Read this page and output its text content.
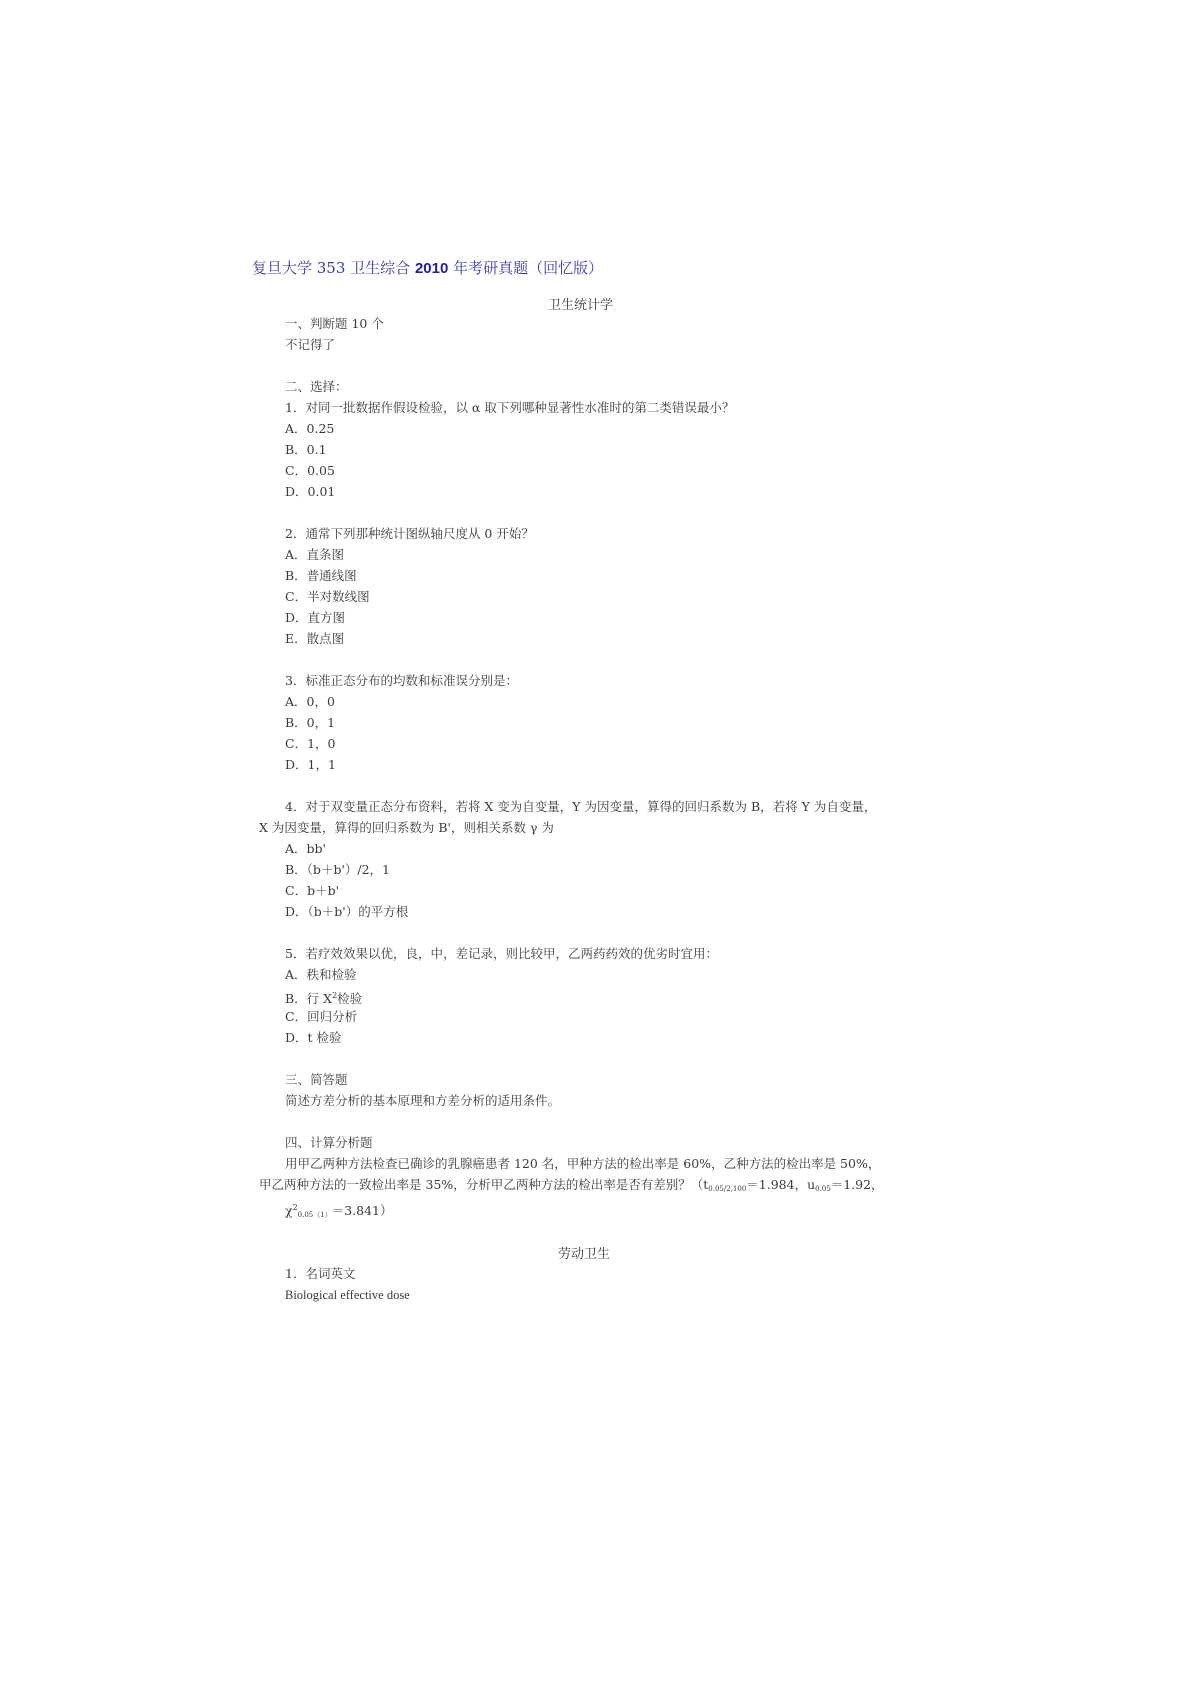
复旦大学 353 卫生综合 2010 年考研真题（回忆版）
卫生统计学
一、判断题 10 个
不记得了
二、选择：
1．对同一批数据作假设检验，以 α 取下列哪种显著性水准时的第二类错误最小？
A．0.25
B．0.1
C．0.05
D．0.01
2．通常下列那种统计图纵轴尺度从 0 开始？
A．直条图
B．普通线图
C．半对数线图
D．直方图
E．散点图
3．标准正态分布的均数和标准误分别是：
A．0，0
B．0，1
C．1，0
D．1，1
4．对于双变量正态分布资料，若将 X 变为自变量，Y 为因变量，算得的回归系数为 B，若将 Y 为自变量，
X 为因变量，算得的回归系数为 B'，则相关系数 γ 为
A．bb'
B．（b＋b'）/2，1
C．b＋b'
D．（b＋b'）的平方根
5．若疗效效果以优，良，中，差记录，则比较甲，乙两药药效的优劣时宜用：
A．秩和检验
B．行 $X^2$检验
C．回归分析
D．t 检验
三、简答题
简述方差分析的基本原理和方差分析的适用条件。
四、计算分析题
用甲乙两种方法检查已确诊的乳腺癌患者 120 名，甲种方法的检出率是 60%，乙种方法的检出率是 50%，
甲乙两种方法的一致检出率是 35%，分析甲乙两种方法的检出率是否有差别？（$t_{0.05/2,100}=1.984$，$u_{0.05}=1.92$，
$\chi^2_{0.05(1)}=3.841$）
劳动卫生
1．名词英文
Biological effective dose
